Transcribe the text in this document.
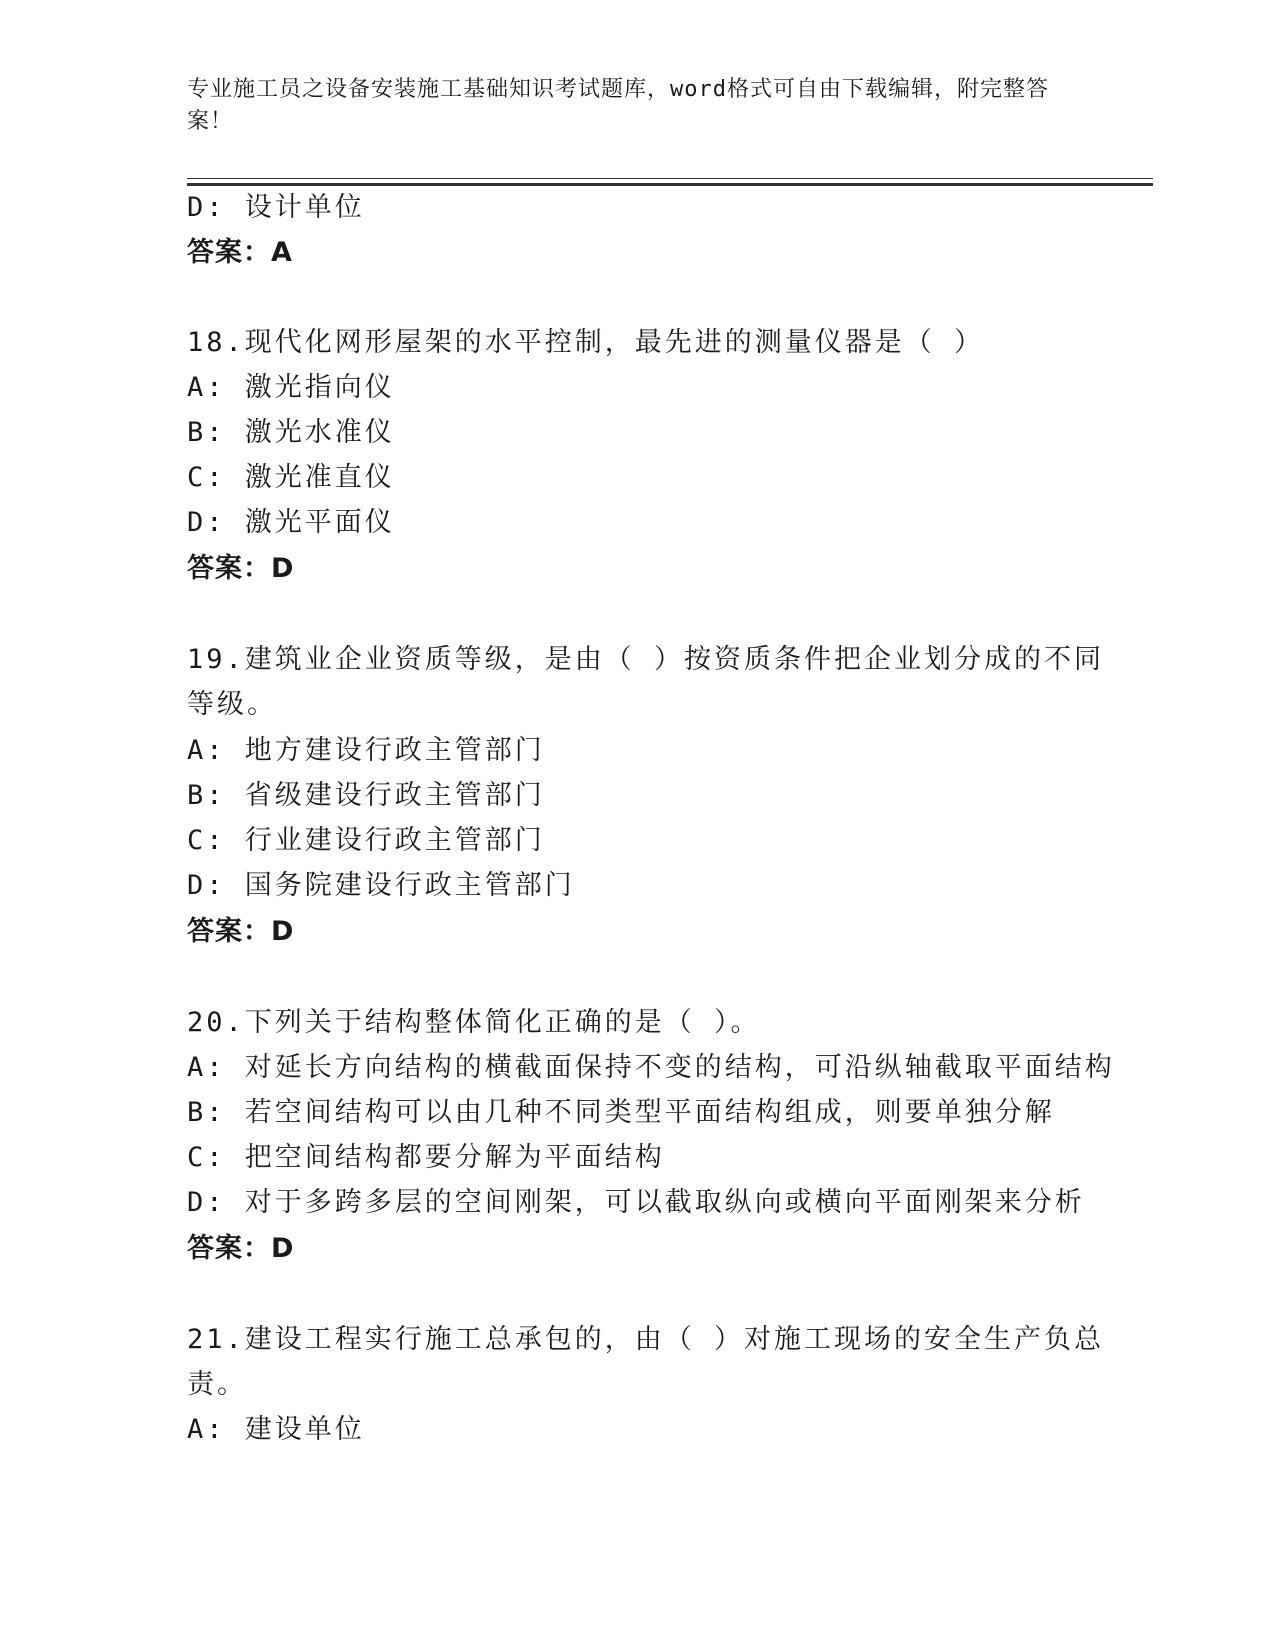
专业施工员之设备安装施工基础知识考试题库，word格式可自由下载编辑，附完整答案！
D: 设计单位
答案：A
18.现代化网形屋架的水平控制，最先进的测量仪器是（ ）
A: 激光指向仪
B: 激光水准仪
C: 激光准直仪
D: 激光平面仪
答案：D
19.建筑业企业资质等级，是由（ ）按资质条件把企业划分成的不同
等级。
A: 地方建设行政主管部门
B: 省级建设行政主管部门
C: 行业建设行政主管部门
D: 国务院建设行政主管部门
答案：D
20.下列关于结构整体简化正确的是（ ）。
A: 对延长方向结构的横截面保持不变的结构，可沿纵轴截取平面结构
B: 若空间结构可以由几种不同类型平面结构组成，则要单独分解
C: 把空间结构都要分解为平面结构
D: 对于多跨多层的空间刚架，可以截取纵向或横向平面刚架来分析
答案：D
21.建设工程实行施工总承包的，由（ ）对施工现场的安全生产负总
责。
A: 建设单位
